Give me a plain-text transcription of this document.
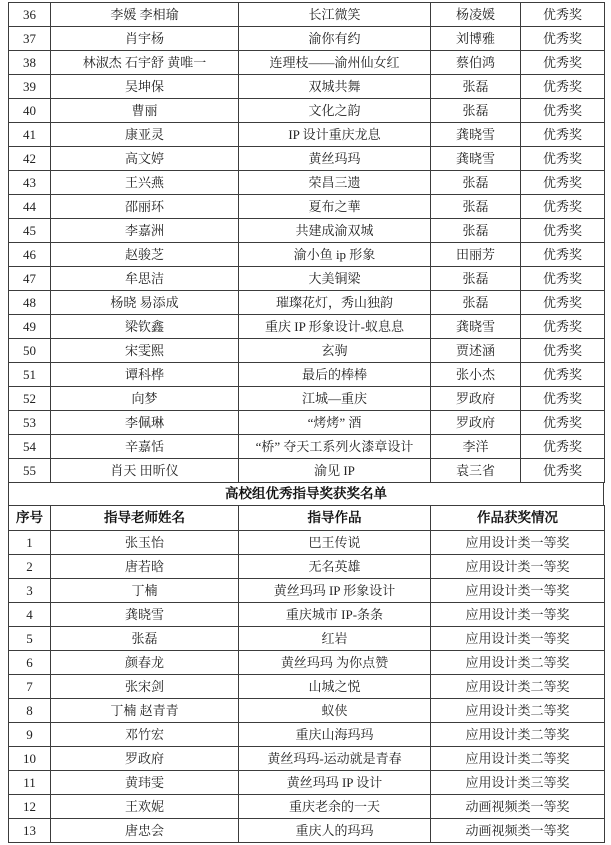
36	李媛 李相瑜	长江微笑	杨凌媛	优秀奖
37	肖宇杨	渝你有约	刘博雅	优秀奖
38	林淑杰 石宇舒 黄唯一	连理枝——渝州仙女红	蔡伯鸿	优秀奖
39	吴坤保	双城共舞	张磊	优秀奖
40	曹丽	文化之韵	张磊	优秀奖
41	康亚灵	IP 设计重庆龙息	龚晓雪	优秀奖
42	高文婷	黄丝玛玛	龚晓雪	优秀奖
43	王兴燕	荣昌三遗	张磊	优秀奖
44	邵丽环	夏布之華	张磊	优秀奖
45	李嘉洲	共建成渝双城	张磊	优秀奖
46	赵骏芝	渝小鱼 ip 形象	田丽芳	优秀奖
47	牟思洁	大美铜梁	张磊	优秀奖
48	杨晓 易添成	璀璨花灯，秀山独韵	张磊	优秀奖
49	梁钦鑫	重庆 IP 形象设计-蚁息息	龚晓雪	优秀奖
50	宋雯熙	玄驹	贾述涵	优秀奖
51	谭科桦	最后的棒棒	张小杰	优秀奖
52	向梦	江城—重庆	罗政府	优秀奖
53	李佩琳	“烤烤” 酒	罗政府	优秀奖
54	辛嘉恬	“桥” 夺天工系列火漆章设计	李洋	优秀奖
55	肖天 田昕仪	渝见 IP	袁三省	优秀奖
高校组优秀指导奖获奖名单
序号	指导老师姓名	指导作品	作品获奖情况
1	张玉怡	巴王传说	应用设计类一等奖
2	唐若晗	无名英雄	应用设计类一等奖
3	丁楠	黄丝玛玛 IP 形象设计	应用设计类一等奖
4	龚晓雪	重庆城市 IP-条条	应用设计类一等奖
5	张磊	红岩	应用设计类一等奖
6	颜春龙	黄丝玛玛 为你点赞	应用设计类二等奖
7	张宋剑	山城之悦	应用设计类二等奖
8	丁楠 赵青青	蚁侠	应用设计类二等奖
9	邓竹宏	重庆山海玛玛	应用设计类二等奖
10	罗政府	黄丝玛玛-运动就是青春	应用设计类二等奖
11	黄玮雯	黄丝玛玛 IP 设计	应用设计类三等奖
12	王欢妮	重庆老余的一天	动画视频类一等奖
13	唐忠会	重庆人的玛玛	动画视频类一等奖
